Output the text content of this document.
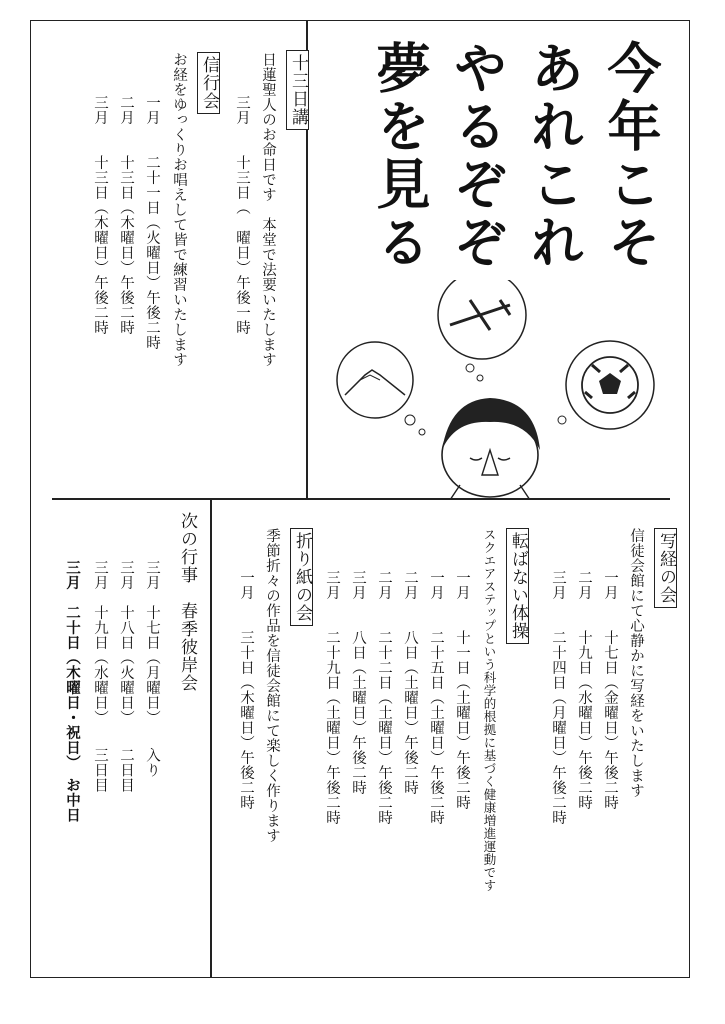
今年こそ
あれこれ
やるぞぞ
夢を見る
十三日講
日蓮聖人のお命日です　本堂で法要いたします
三月　　十三日（　曜日）午後一時
信行会
お経をゆっくりお唱えして皆で練習いたします
一月　　二十一日（火曜日）午後二時
二月　　十三日（木曜日）午後二時
三月　　十三日（木曜日）午後二時
写経の会
信徒会館にて心静かに写経をいたします
一月　　十七日（金曜日）午後二時
二月　　十九日（水曜日）午後二時
三月　　二十四日（月曜日）午後二時
転ばない体操
スクエアステップという科学的根拠に基づく健康増進運動です
一月　　十一日（土曜日）午後二時
一月　　二十五日（土曜日）午後二時
二月　　八日（土曜日）午後二時
二月　　二十二日（土曜日）午後二時
三月　　八日（土曜日）午後二時
三月　　二十九日（土曜日）午後二時
折り紙の会
季節折々の作品を信徒会館にて楽しく作ります
一月　　三十日（木曜日）午後二時
次の行事　春季彼岸会
三月　十七日（月曜日）　　入り
三月　十八日（火曜日）　　二日目
三月　十九日（水曜日）　　三日目
三月　二十日（木曜日・祝日）　お中日
